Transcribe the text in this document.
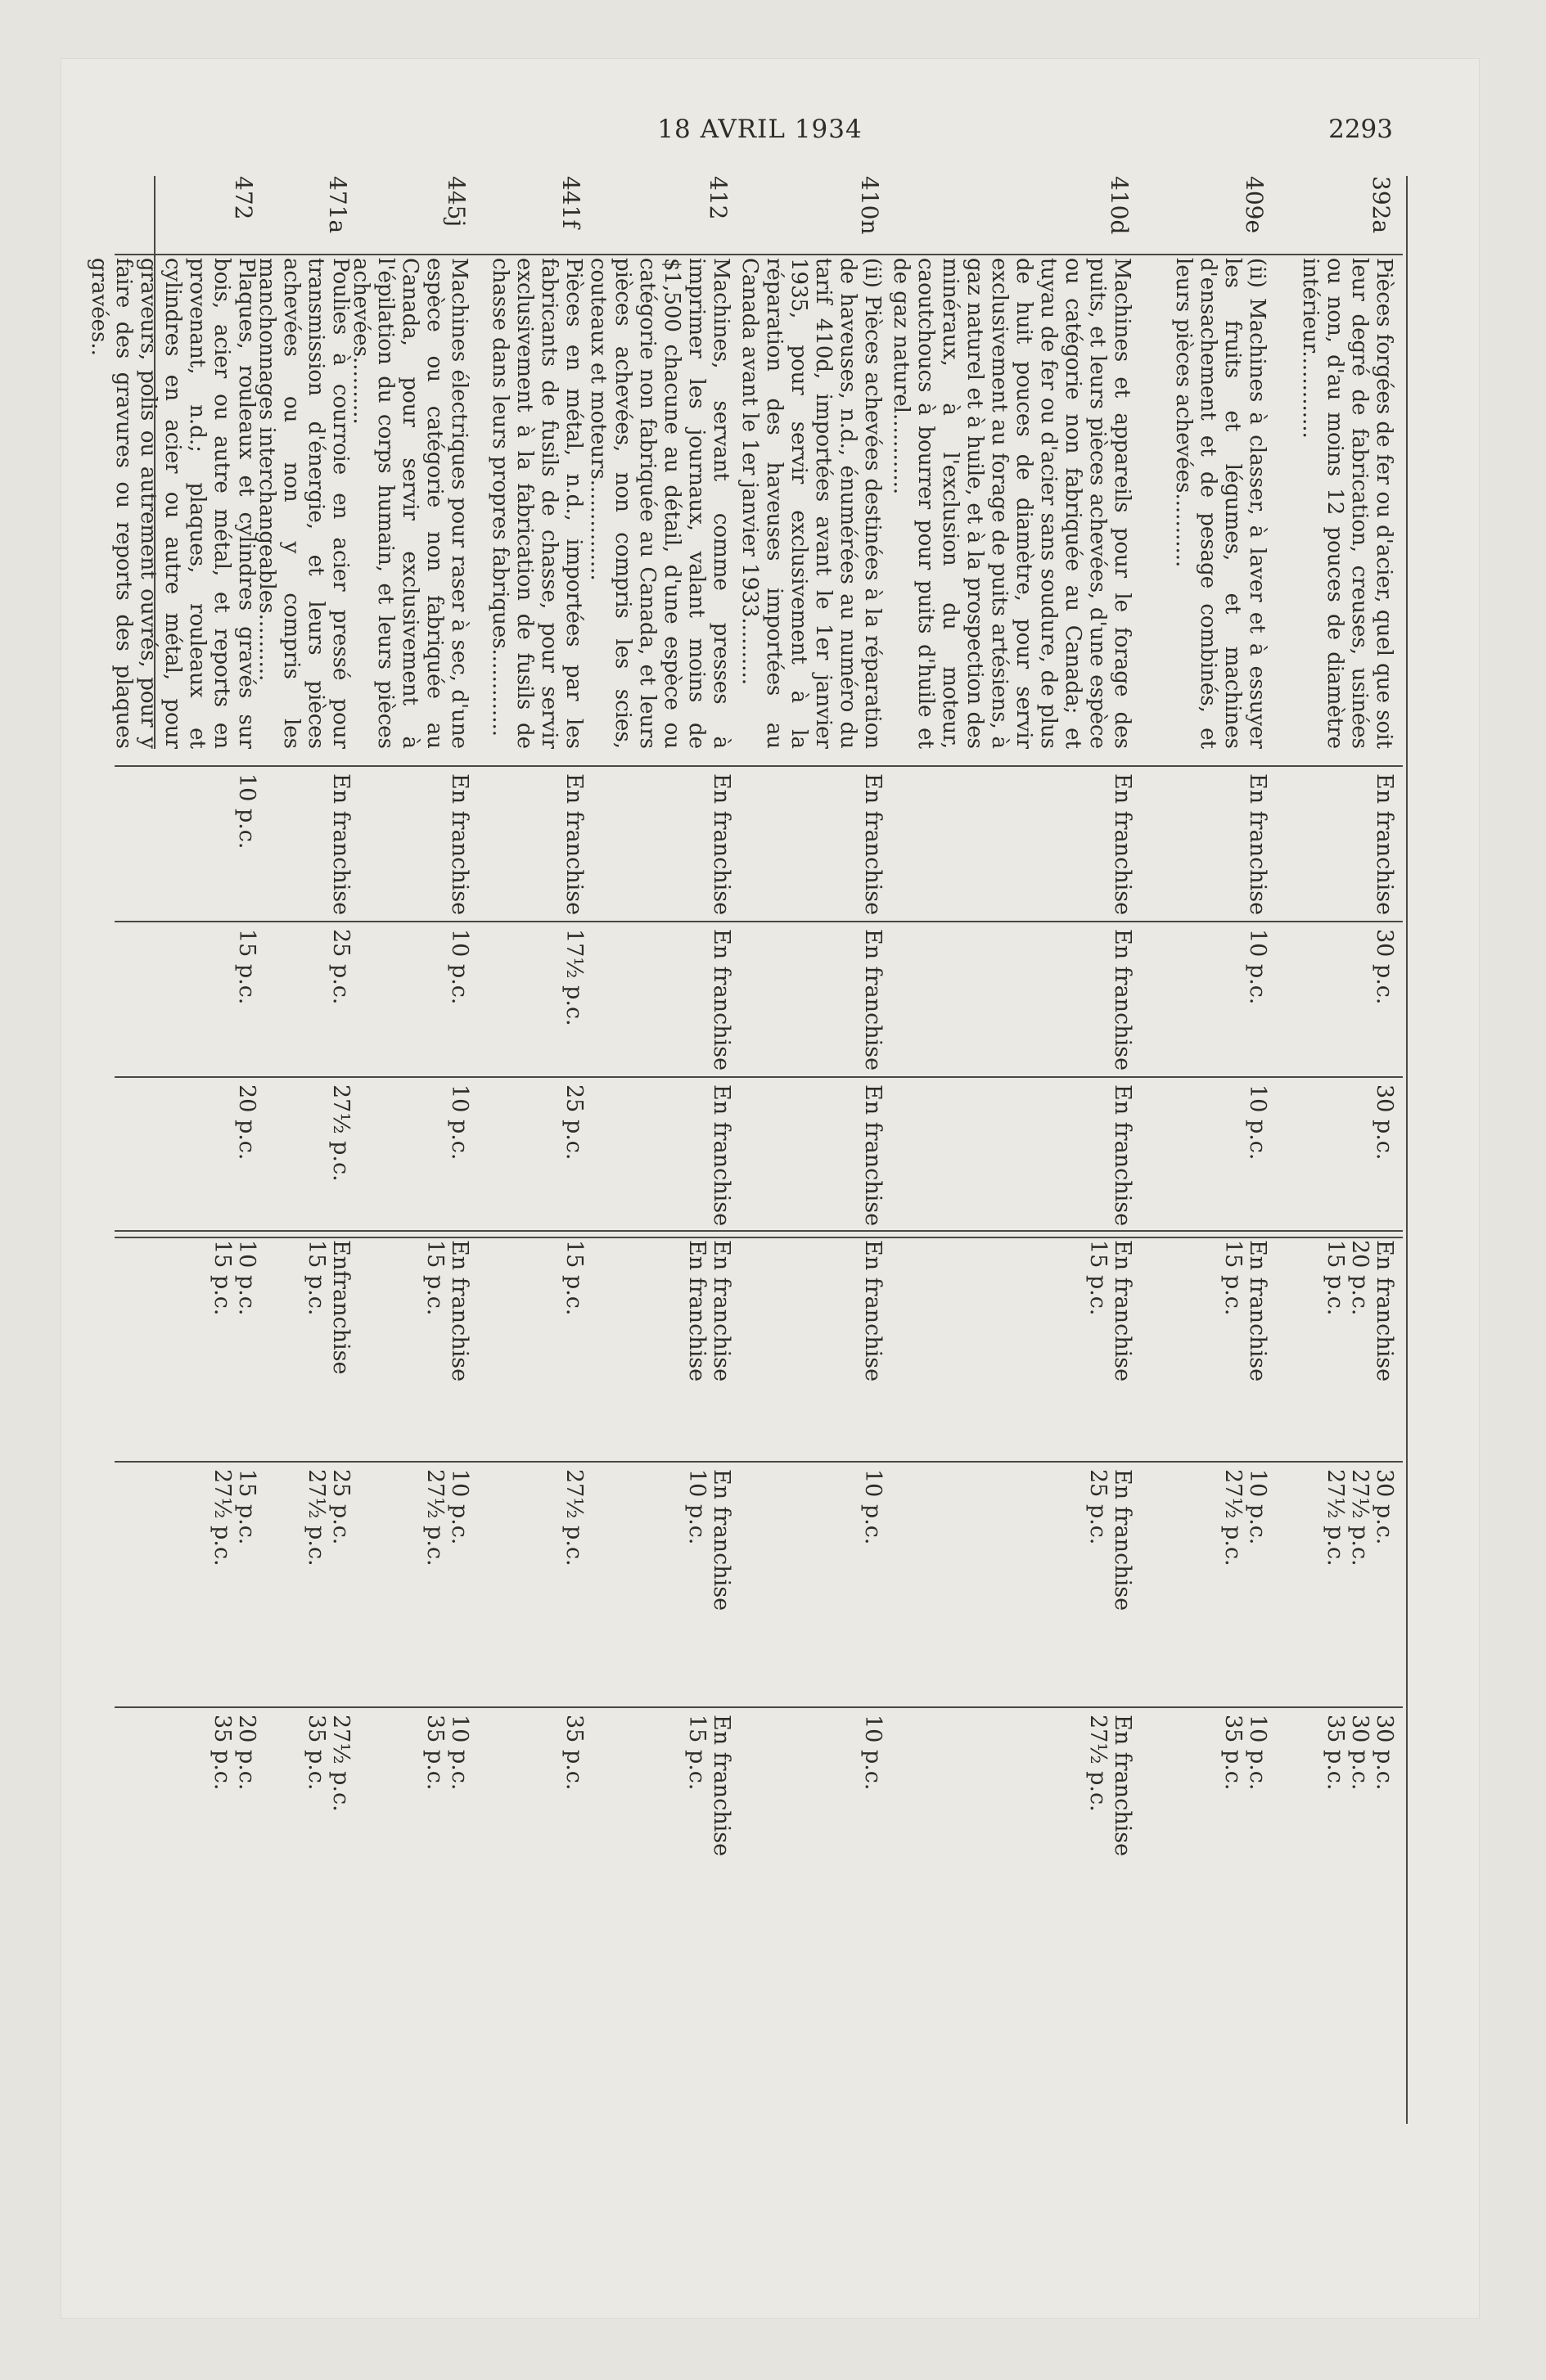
18 AVRIL 1934	2293
392a
Pièces forgées de fer ou d'acier, quel que soit leur degré de fabrication, creuses, usinées ou non, d'au moins 12 pouces de diamètre intérieur.............
En franchise
30 p.c.
30 p.c.
En franchise
20 p.c.
15 p.c.
30 p.c.
27½ p.c.
27½ p.c.
30 p.c.
30 p.c.
35 p.c.
409e
(ii) Machines à classer, à laver et à essuyer les fruits et légumes, et machines d'ensachement et de pesage combinés, et leurs pièces achevées...........
En franchise
10 p.c.
10 p.c.
En franchise
15 p.c.
10 p.c.
27½ p.c.
10 p.c.
35 p.c.
410d
Machines et appareils pour le forage des puits, et leurs pièces achevées, d'une espèce ou catégorie non fabriquée au Canada; et tuyau de fer ou d'acier sans soudure, de plus de huit pouces de diamètre, pour servir exclusivement au forage de puits artésiens, à gaz naturel et à huile, et à la prospection des minéraux, à l'exclusion du moteur, caoutchoucs à bourrer pour puits d'huile et de gaz naturel............
En franchise
En franchise
En franchise
En franchise
15 p.c.
En franchise
25 p.c.
En franchise
27½ p.c.
410n
(ii) Pièces achevées destinées à la réparation de haveuses, n.d., énumérées au numéro du tarif 410d, importées avant le 1er janvier 1935, pour servir exclusivement à la réparation des haveuses importées au Canada avant le 1er janvier 1933..........
En franchise
En franchise
En franchise
En franchise
10 p.c.
10 p.c.
412
Machines, servant comme presses à imprimer les journaux, valant moins de $1,500 chacune au détail, d'une espèce ou catégorie non fabriquée au Canada, et leurs pièces achevées, non compris les scies, couteaux et moteurs...............
En franchise
En franchise
En franchise
En franchise
En franchise
En franchise
10 p.c.
En franchise
15 p.c.
441f
Pièces en métal, n.d., importées par les fabricants de fusils de chasse, pour servir exclusivement à la fabrication de fusils de chasse dans leurs propres fabriques.............
En franchise
17½ p.c.
25 p.c.
15 p.c.
27½ p.c.
35 p.c.
445j
Machines électriques pour raser à sec, d'une espèce ou catégorie non fabriquée au Canada, pour servir exclusivement à l'épilation du corps humain, et leurs pièces achevées..........
En franchise
10 p.c.
10 p.c.
En franchise
15 p.c.
10 p.c.
27½ p.c.
10 p.c.
35 p.c.
471a
Poulies à courroie en acier pressé pour transmission d'énergie, et leurs pièces achevées ou non y compris les manchonnages interchangeables..........
En franchise
25 p.c.
27½ p.c.
Enfranchise
15 p.c.
25 p.c.
27½ p.c.
27½ p.c.
35 p.c.
472
Plaques, rouleaux et cylindres gravés sur bois, acier ou autre métal, et reports en provenant, n.d.; plaques, rouleaux et cylindres en acier ou autre métal, pour graveurs, polis ou autrement ouvrés, pour y faire des gravures ou reports des plaques gravées..
10 p.c.
15 p.c.
20 p.c.
10 p.c.
15 p.c.
15 p.c.
27½ p.c.
20 p.c.
35 p.c.
